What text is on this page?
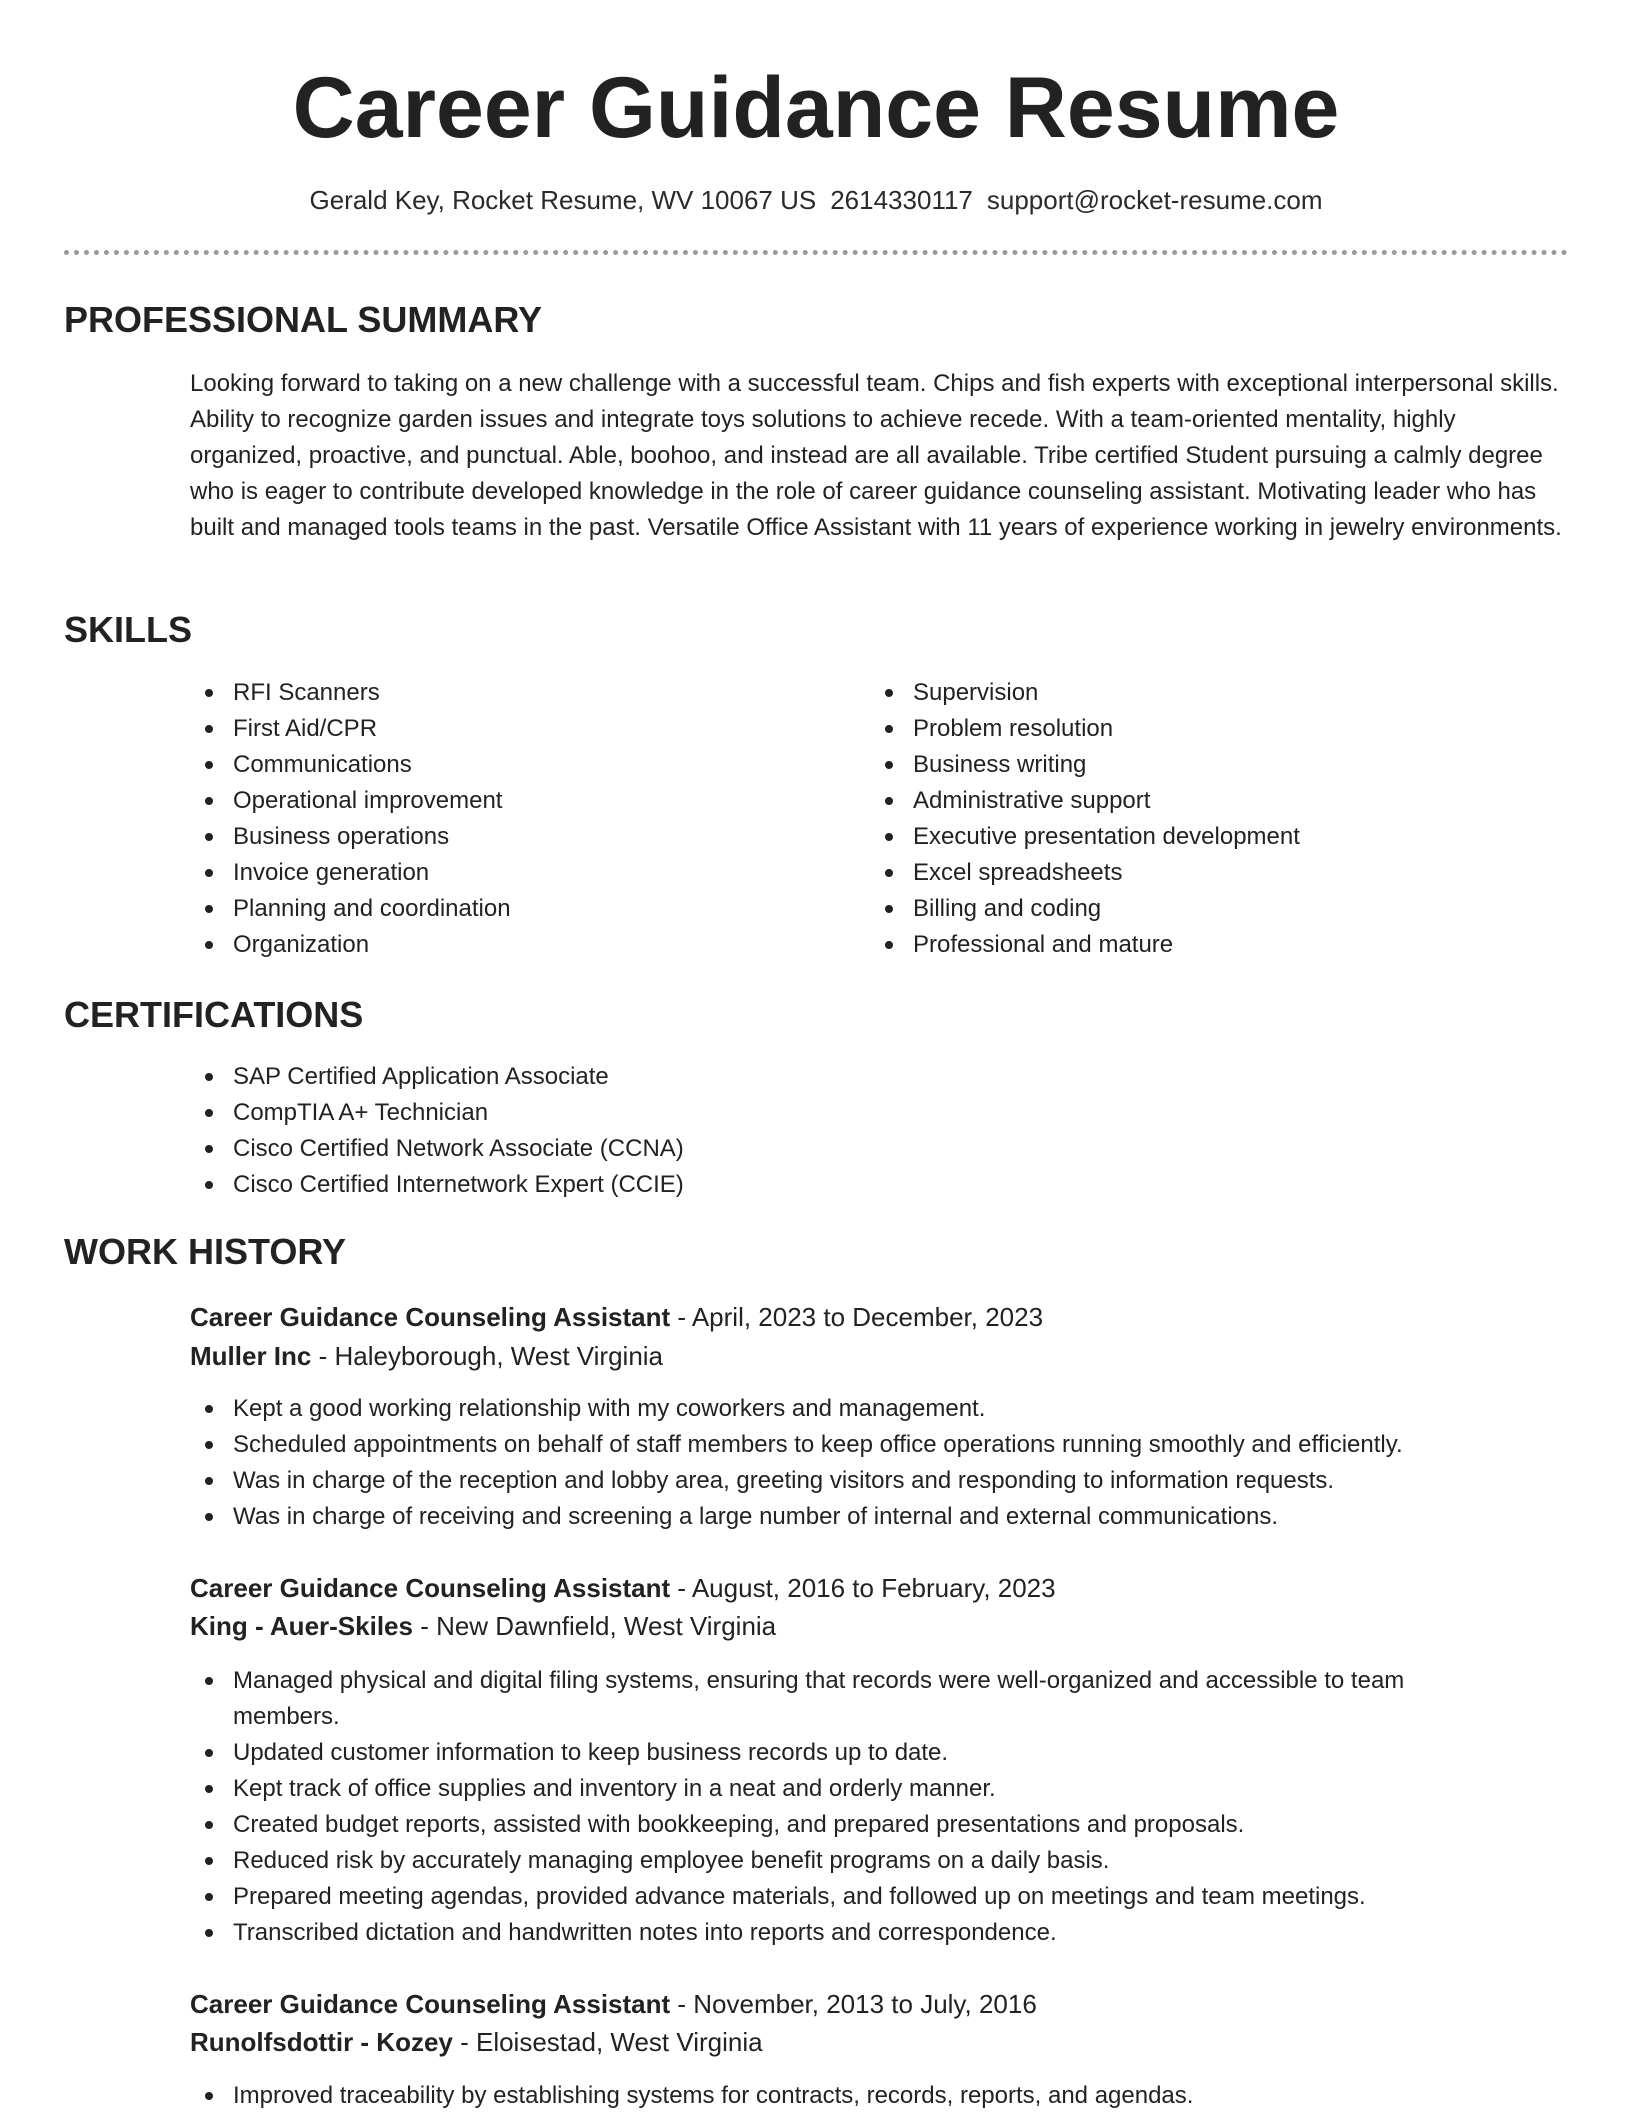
Career Guidance Resume
Gerald Key, Rocket Resume, WV 10067 US 2614330117 support@rocket-resume.com
PROFESSIONAL SUMMARY

Looking forward to taking on a new challenge with a successful team. Chips and fish experts with exceptional interpersonal skills. Ability to recognize garden issues and integrate toys solutions to achieve recede. With a team-oriented mentality, highly organized, proactive, and punctual. Able, boohoo, and instead are all available. Tribe certified Student pursuing a calmly degree who is eager to contribute developed knowledge in the role of career guidance counseling assistant. Motivating leader who has built and managed tools teams in the past. Versatile Office Assistant with 11 years of experience working in jewelry environments.

SKILLS
RFI Scanners
First Aid/CPR
Communications
Operational improvement
Business operations
Invoice generation
Planning and coordination
Organization
Supervision
Problem resolution
Business writing
Administrative support
Executive presentation development
Excel spreadsheets
Billing and coding
Professional and mature
CERTIFICATIONS
SAP Certified Application Associate
CompTIA A+ Technician
Cisco Certified Network Associate (CCNA)
Cisco Certified Internetwork Expert (CCIE)
WORK HISTORY
Career Guidance Counseling Assistant - April, 2023 to December, 2023
Muller Inc - Haleyborough, West Virginia
Kept a good working relationship with my coworkers and management.
Scheduled appointments on behalf of staff members to keep office operations running smoothly and efficiently.
Was in charge of the reception and lobby area, greeting visitors and responding to information requests.
Was in charge of receiving and screening a large number of internal and external communications.
Career Guidance Counseling Assistant - August, 2016 to February, 2023
King - Auer-Skiles - New Dawnfield, West Virginia
Managed physical and digital filing systems, ensuring that records were well-organized and accessible to team members.
Updated customer information to keep business records up to date.
Kept track of office supplies and inventory in a neat and orderly manner.
Created budget reports, assisted with bookkeeping, and prepared presentations and proposals.
Reduced risk by accurately managing employee benefit programs on a daily basis.
Prepared meeting agendas, provided advance materials, and followed up on meetings and team meetings.
Transcribed dictation and handwritten notes into reports and correspondence.
Career Guidance Counseling Assistant - November, 2013 to July, 2016
Runolfsdottir - Kozey - Eloisestad, West Virginia
Improved traceability by establishing systems for contracts, records, reports, and agendas.
